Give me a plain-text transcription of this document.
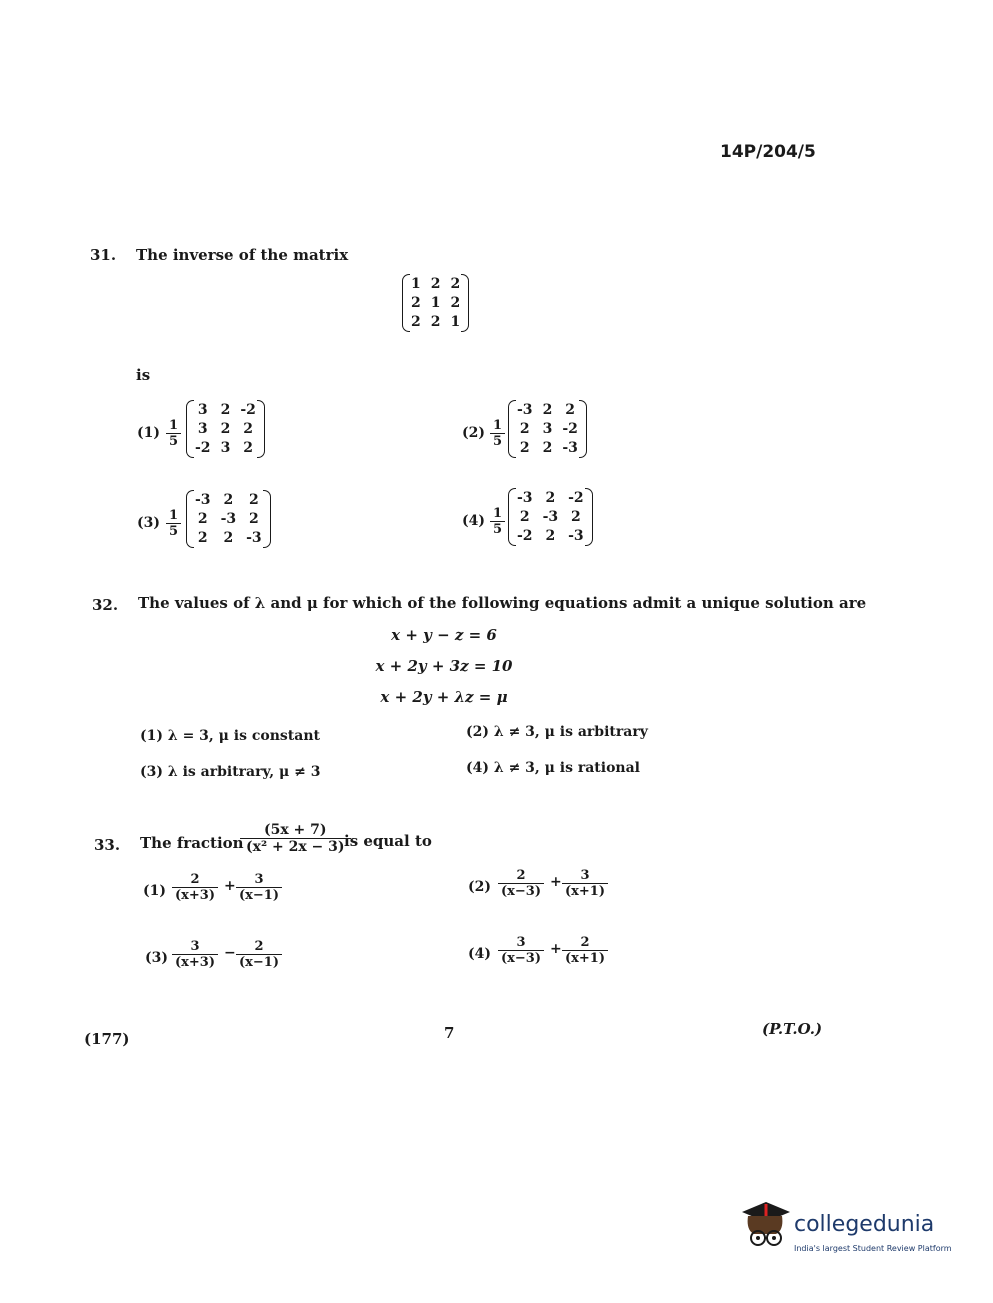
14P/204/5
31. The inverse of the matrix
1 2 2
2 1 2
2 2 1
is
$(1) \frac{1}{5}$
3 2 -2
3 2 2
-2 3 2
$(2) \frac{1}{5}$
-3 2 2
2 3 -2
2 2 -3
$(3) \frac{1}{5}$
-3 2 2
2 -3 2
2 2 -3
$(4) \frac{1}{5}$
-3 2 -2
2 -3 2
-2 2 -3
32. The values of λ and μ for which of the following equations admit a unique solution are
x + y − z = 6
x + 2y + 3z = 10
x + 2y + λz = μ
(1) λ = 3, μ is constant	(2) λ ≠ 3, μ is arbitrary
(3) λ is arbitrary, μ ≠ 3	(4) λ ≠ 3, μ is rational
33. The fraction
$\frac{(5x + 7)}{\text{(x² + 2x − 3)}}$
is equal to
$(1) \frac{2}{(x+3)} + \frac{3}{(x-1)}$	$(2) \frac{2}{(x-3)} + \frac{3}{(x+1)}$
$(3) \frac{3}{(x+3)} - \frac{2}{(x-1)}$	$(4) \frac{3}{(x-3)} + \frac{2}{(x+1)}$
(177)	7	(P.T.O.)
collegedunia
India's largest Student Review Platform
